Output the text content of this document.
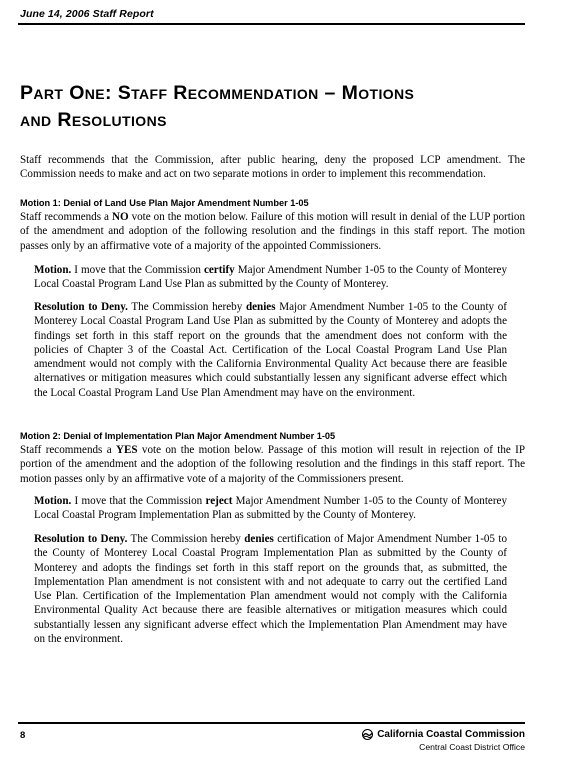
June 14, 2006 Staff Report
Part One: Staff Recommendation – Motions
and Resolutions

Staff recommends that the Commission, after public hearing, deny the proposed LCP amendment. The Commission needs to make and act on two separate motions in order to implement this recommendation.

Motion 1: Denial of Land Use Plan Major Amendment Number 1-05

Staff recommends a NO vote on the motion below. Failure of this motion will result in denial of the LUP portion of the amendment and adoption of the following resolution and the findings in this staff report. The motion passes only by an affirmative vote of a majority of the appointed Commissioners.

Motion. I move that the Commission certify Major Amendment Number 1-05 to the County of Monterey Local Coastal Program Land Use Plan as submitted by the County of Monterey.

Resolution to Deny. The Commission hereby denies Major Amendment Number 1-05 to the County of Monterey Local Coastal Program Land Use Plan as submitted by the County of Monterey and adopts the findings set forth in this staff report on the grounds that the amendment does not conform with the policies of Chapter 3 of the Coastal Act. Certification of the Local Coastal Program Land Use Plan amendment would not comply with the California Environmental Quality Act because there are feasible alternatives or mitigation measures which could substantially lessen any significant adverse effect which the Local Coastal Program Land Use Plan Amendment may have on the environment.

Motion 2: Denial of Implementation Plan Major Amendment Number 1-05

Staff recommends a YES vote on the motion below. Passage of this motion will result in rejection of the IP portion of the amendment and the adoption of the following resolution and the findings in this staff report. The motion passes only by an affirmative vote of a majority of the Commissioners present.

Motion. I move that the Commission reject Major Amendment Number 1-05 to the County of Monterey Local Coastal Program Implementation Plan as submitted by the County of Monterey.

Resolution to Deny. The Commission hereby denies certification of Major Amendment Number 1-05 to the County of Monterey Local Coastal Program Implementation Plan as submitted by the County of Monterey and adopts the findings set forth in this staff report on the grounds that, as submitted, the Implementation Plan amendment is not consistent with and not adequate to carry out the certified Land Use Plan. Certification of the Implementation Plan amendment would not comply with the California Environmental Quality Act because there are feasible alternatives or mitigation measures which could substantially lessen any significant adverse effect which the Implementation Plan Amendment may have on the environment.

8	California Coastal Commission
Central Coast District Office
